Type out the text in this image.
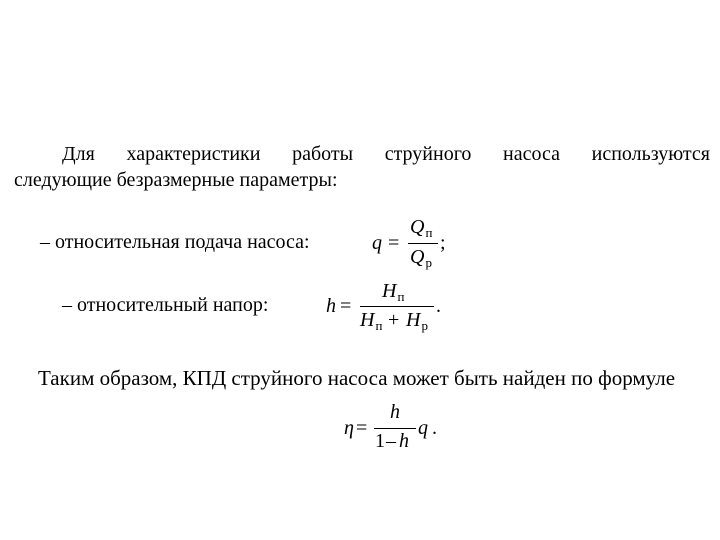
Для характеристики работы струйного насоса используются
следующие безразмерные параметры:
– относительная подача насоса:	q =
$Q_п$
$Q_р$
;
– относительный напор:	h =
$H_п$
$H_п + H_р$
.
Таким образом, КПД струйного насоса может быть найден по формуле
η =
h
1 – h
q .
